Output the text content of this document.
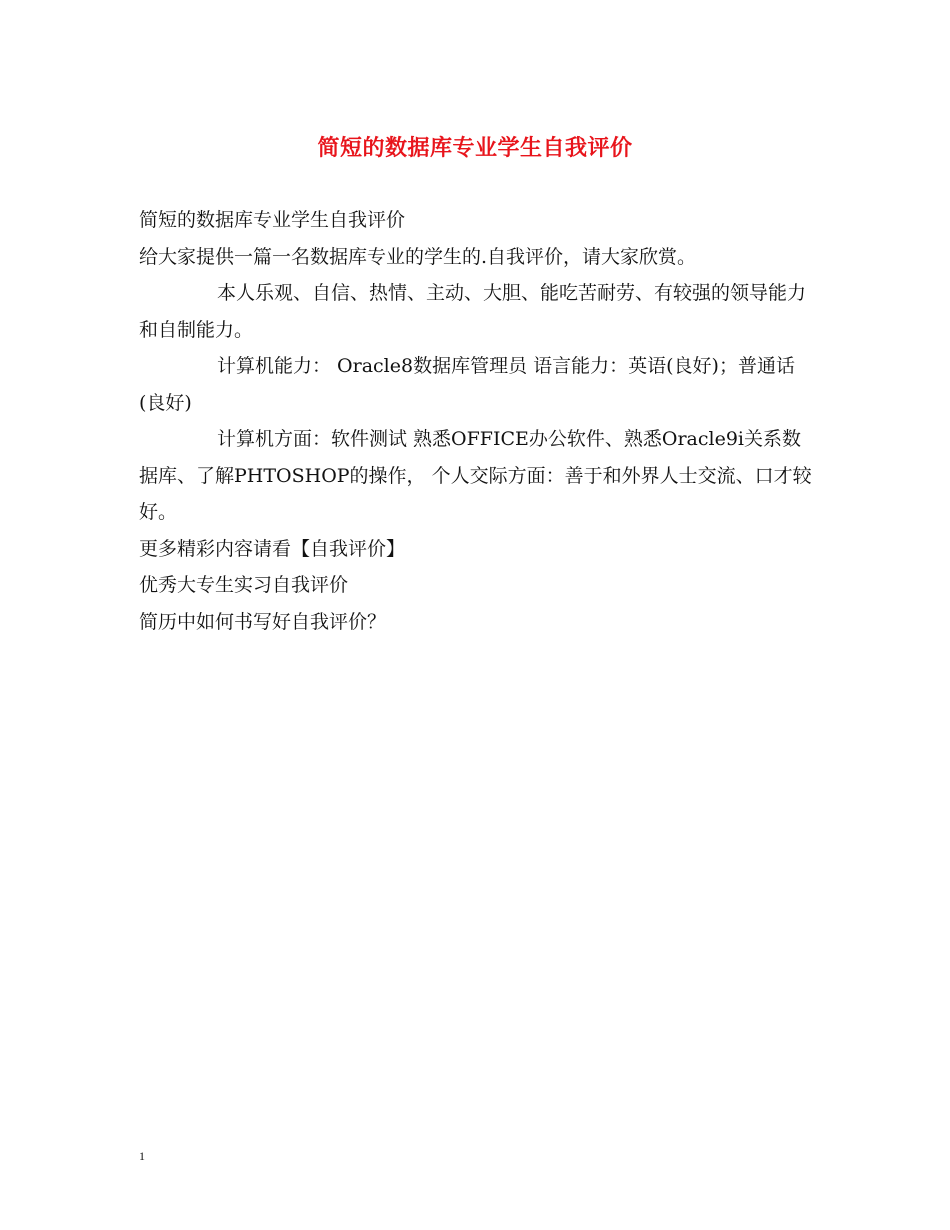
简短的数据库专业学生自我评价

简短的数据库专业学生自我评价

给大家提供一篇一名数据库专业的学生的.自我评价，请大家欣赏。

本人乐观、自信、热情、主动、大胆、能吃苦耐劳、有较强的领导能力和自制能力。

计算机能力： Oracle8数据库管理员 语言能力：英语(良好)；普通话(良好)

计算机方面：软件测试 熟悉OFFICE办公软件、熟悉Oracle9i关系数据库、了解PHTOSHOP的操作， 个人交际方面：善于和外界人士交流、口才较好。

更多精彩内容请看【自我评价】

优秀大专生实习自我评价

简历中如何书写好自我评价？

1
